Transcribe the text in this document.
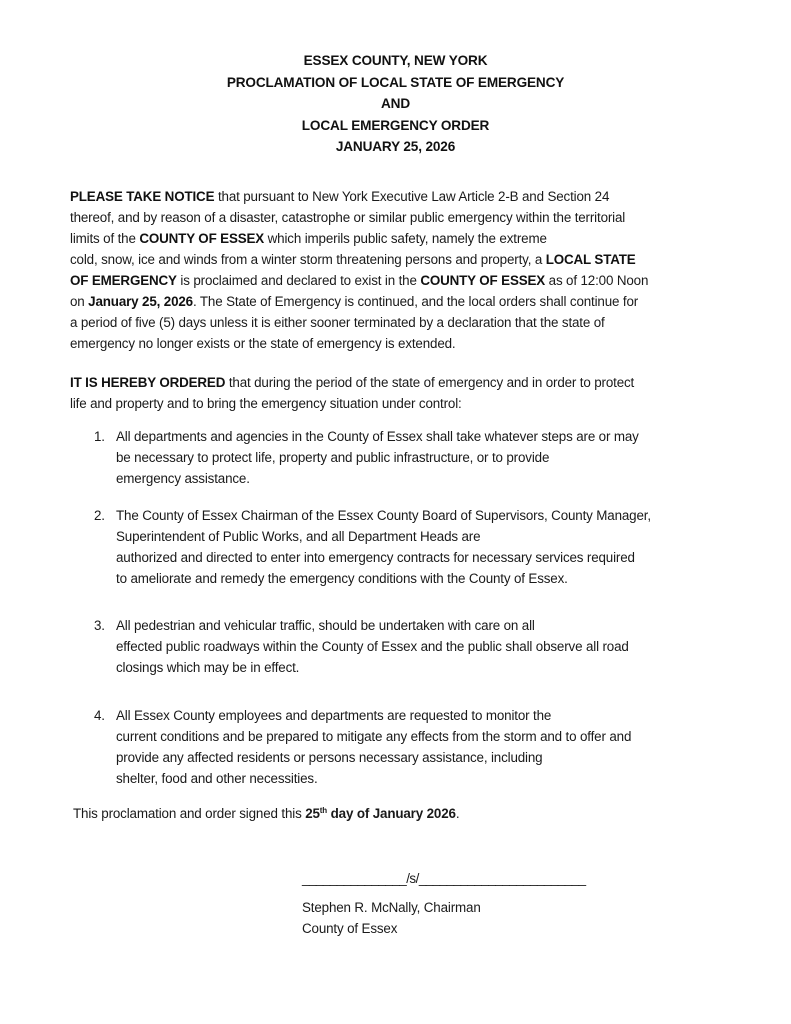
ESSEX COUNTY, NEW YORK
PROCLAMATION OF LOCAL STATE OF EMERGENCY
AND
LOCAL EMERGENCY ORDER
JANUARY 25, 2026
PLEASE TAKE NOTICE that pursuant to New York Executive Law Article 2-B and Section 24
thereof, and by reason of a disaster, catastrophe or similar public emergency within the territorial
limits of the COUNTY OF ESSEX which imperils public safety, namely the extreme
cold, snow, ice and winds from a winter storm threatening persons and property, a LOCAL STATE
OF EMERGENCY is proclaimed and declared to exist in the COUNTY OF ESSEX as of 12:00 Noon
on January 25, 2026. The State of Emergency is continued, and the local orders shall continue for
a period of five (5) days unless it is either sooner terminated by a declaration that the state of
emergency no longer exists or the state of emergency is extended.
IT IS HEREBY ORDERED that during the period of the state of emergency and in order to protect
life and property and to bring the emergency situation under control:
1. All departments and agencies in the County of Essex shall take whatever steps are or may
be necessary to protect life, property and public infrastructure, or to provide
emergency assistance.
2. The County of Essex Chairman of the Essex County Board of Supervisors, County Manager,
Superintendent of Public Works, and all Department Heads are
authorized and directed to enter into emergency contracts for necessary services required
to ameliorate and remedy the emergency conditions with the County of Essex.
3. All pedestrian and vehicular traffic, should be undertaken with care on all
effected public roadways within the County of Essex and the public shall observe all road
closings which may be in effect.
4. All Essex County employees and departments are requested to monitor the
current conditions and be prepared to mitigate any effects from the storm and to offer and
provide any affected residents or persons necessary assistance, including
shelter, food and other necessities.
This proclamation and order signed this 25th day of January 2026.
_______________/s/________________________
Stephen R. McNally, Chairman
County of Essex
